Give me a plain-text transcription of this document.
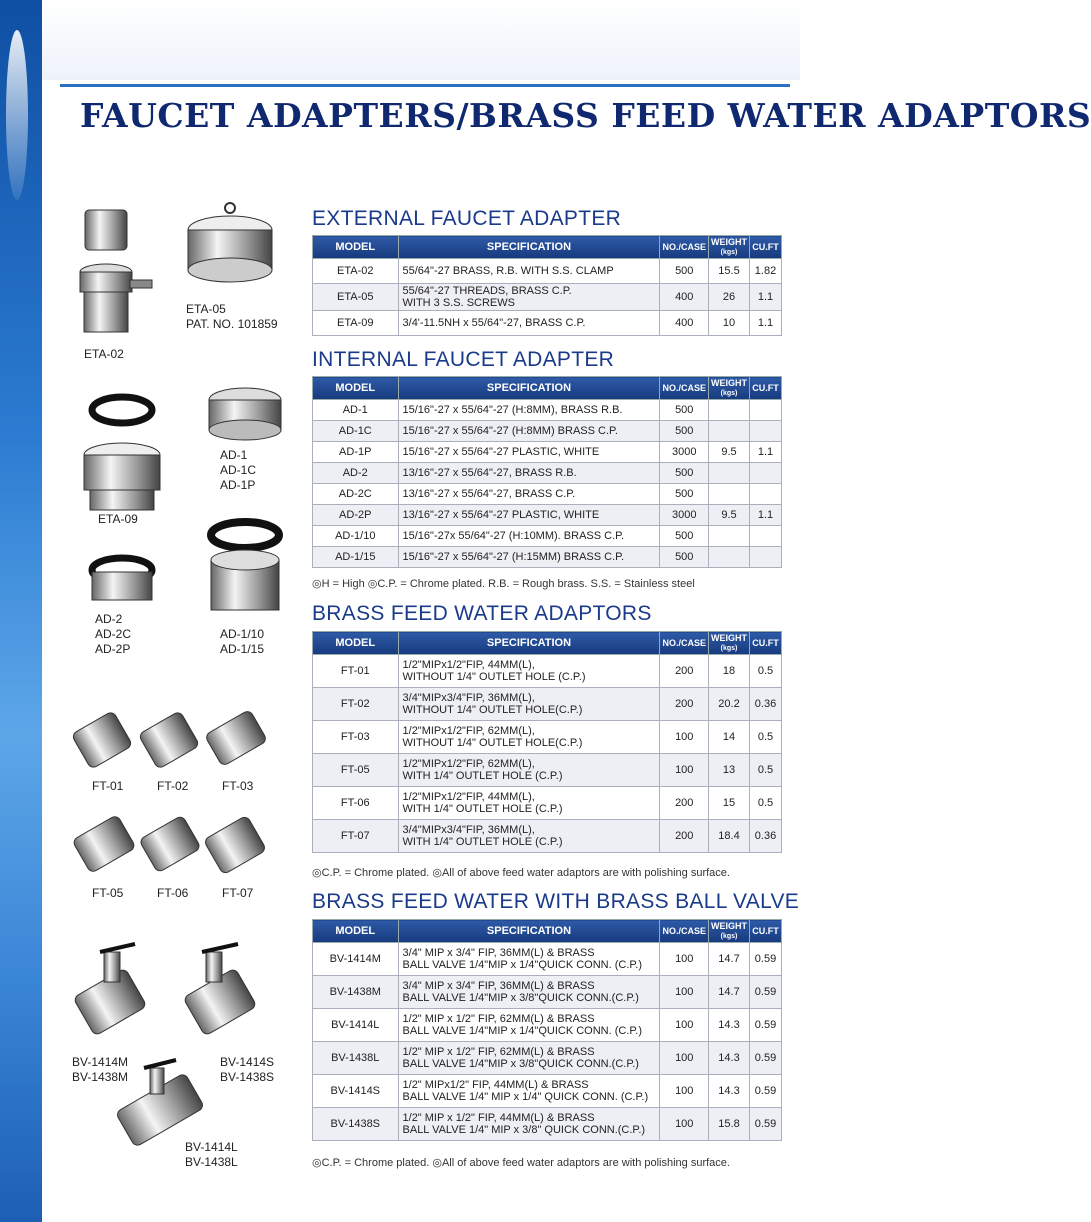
FAUCET ADAPTERS/BRASS FEED WATER ADAPTORS
ETA-02
ETA-05
PAT. NO. 101859
ETA-09
AD-1
AD-1C
AD-1P
AD-2
AD-2C
AD-2P
AD-1/10
AD-1/15
FT-01	FT-02	FT-03
FT-05	FT-06	FT-07
BV-1414M
BV-1438M
BV-1414S
BV-1438S
BV-1414L
BV-1438L
EXTERNAL FAUCET ADAPTER
MODEL	SPECIFICATION	NO./CASE	WEIGHT
(kgs)	CU.FT
ETA-02	55/64"-27 BRASS, R.B. WITH S.S. CLAMP	500	15.5	1.82
ETA-05	55/64"-27 THREADS, BRASS C.P.
WITH 3 S.S. SCREWS	400	26	1.1
ETA-09	3/4'-11.5NH x 55/64"-27, BRASS C.P.	400	10	1.1
INTERNAL FAUCET ADAPTER
MODEL	SPECIFICATION	NO./CASE	WEIGHT
(kgs)	CU.FT
AD-1	15/16"-27 x 55/64"-27 (H:8MM), BRASS R.B.	500		
AD-1C	15/16"-27 x 55/64"-27 (H:8MM) BRASS C.P.	500		
AD-1P	15/16"-27 x 55/64"-27 PLASTIC, WHITE	3000	9.5	1.1
AD-2	13/16"-27 x 55/64"-27, BRASS R.B.	500		
AD-2C	13/16"-27 x 55/64"-27, BRASS C.P.	500		
AD-2P	13/16"-27 x 55/64"-27 PLASTIC, WHITE	3000	9.5	1.1
AD-1/10	15/16"-27x 55/64"-27 (H:10MM). BRASS C.P.	500		
AD-1/15	15/16"-27 x 55/64"-27 (H:15MM) BRASS C.P.	500		
◎H = High ◎C.P. = Chrome plated. R.B. = Rough brass. S.S. = Stainless steel
BRASS FEED WATER ADAPTORS
MODEL	SPECIFICATION	NO./CASE	WEIGHT
(kgs)	CU.FT
FT-01	1/2"MIPx1/2"FIP, 44MM(L),
WITHOUT 1/4" OUTLET HOLE (C.P.)	200	18	0.5
FT-02	3/4"MIPx3/4"FIP, 36MM(L),
WITHOUT 1/4" OUTLET HOLE(C.P.)	200	20.2	0.36
FT-03	1/2"MIPx1/2"FIP, 62MM(L),
WITHOUT 1/4" OUTLET HOLE(C.P.)	100	14	0.5
FT-05	1/2"MIPx1/2"FIP, 62MM(L),
WITH 1/4" OUTLET HOLE (C.P.)	100	13	0.5
FT-06	1/2"MIPx1/2"FIP, 44MM(L),
WITH 1/4" OUTLET HOLE (C.P.)	200	15	0.5
FT-07	3/4"MIPx3/4"FIP, 36MM(L),
WITH 1/4" OUTLET HOLE (C.P.)	200	18.4	0.36
◎C.P. = Chrome plated. ◎All of above feed water adaptors are with polishing surface.
BRASS FEED WATER WITH BRASS BALL VALVE
MODEL	SPECIFICATION	NO./CASE	WEIGHT
(kgs)	CU.FT
BV-1414M	3/4" MIP x 3/4" FIP, 36MM(L) & BRASS
BALL VALVE 1/4"MIP x 1/4"QUICK CONN. (C.P.)	100	14.7	0.59
BV-1438M	3/4" MIP x 3/4" FIP, 36MM(L) & BRASS
BALL VALVE 1/4"MIP x 3/8"QUICK CONN.(C.P.)	100	14.7	0.59
BV-1414L	1/2" MIP x 1/2" FIP, 62MM(L) & BRASS
BALL VALVE 1/4"MIP x 1/4"QUICK CONN. (C.P.)	100	14.3	0.59
BV-1438L	1/2" MIP x 1/2" FIP, 62MM(L) & BRASS
BALL VALVE 1/4"MIP x 3/8"QUICK CONN.(C.P.)	100	14.3	0.59
BV-1414S	1/2" MIPx1/2" FIP, 44MM(L) & BRASS
BALL VALVE 1/4" MIP x 1/4" QUICK CONN. (C.P.)	100	14.3	0.59
BV-1438S	1/2" MIP x 1/2" FIP, 44MM(L) & BRASS
BALL VALVE 1/4" MIP x 3/8" QUICK CONN.(C.P.)	100	15.8	0.59
◎C.P. = Chrome plated. ◎All of above feed water adaptors are with polishing surface.
